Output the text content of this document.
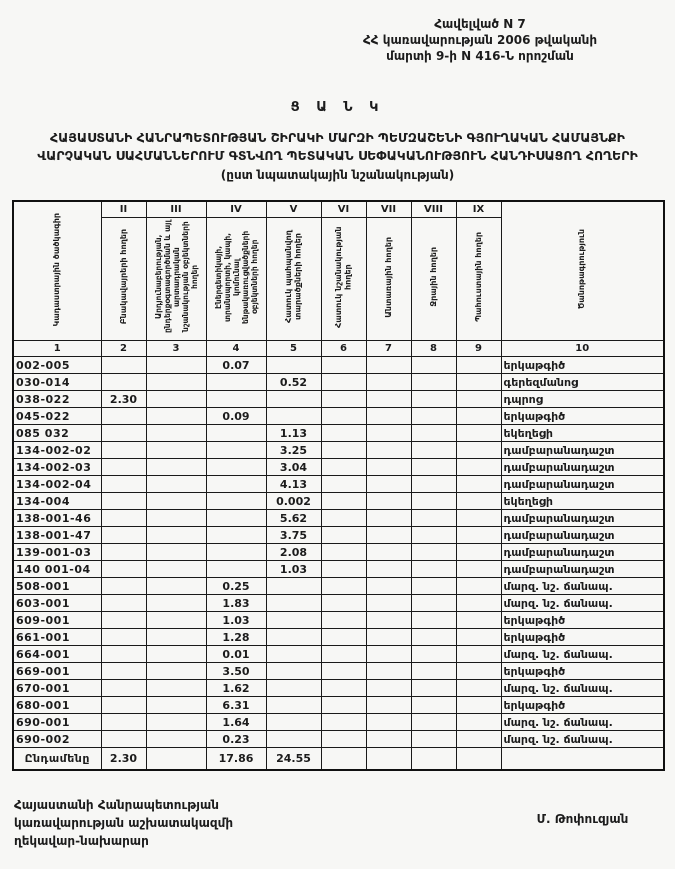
Հավելված N 7
ՀՀ կառավարության 2006 թվականի
մարտի 9-ի N 416-Ն որոշման
Ց Ա Ն Կ
ՀԱՅԱՍՏԱՆԻ ՀԱՆՐԱՊԵՏՈՒԹՅԱՆ ՇԻՐԱԿԻ ՄԱՐԶԻ ՊԵՄԶԱՇԵՆԻ ԳՅՈՒՂԱԿԱՆ ՀԱՄԱՅՆՔԻ
ՎԱՐՉԱԿԱՆ ՍԱՀՄԱՆՆԵՐՈՒՄ ԳՏՆՎՈՂ ՊԵՏԱԿԱՆ ՍԵՓԱԿԱՆՈՒԹՅՈՒՆ ՀԱՆԴԻՍԱՑՈՂ ՀՈՂԵՐԻ
(ըստ նպատակային նշանակության)
Կադաստրային ծածկագիր	II	III	IV	V	VI	VII	VIII	IX	Ծանոթագրություն
	Բնակավայրերի հողեր	Արդյունաբերության, ընդերքօգտագործման և այլ արտադրական նշանակության օբյեկտների հողեր	Էներգետիկայի, տրանսպորտի, կապի, կոմունալ ենթակառուցվածքների օբյեկտների հողեր	Հատուկ պահպանվող տարածքների հողեր	Հատուկ նշանակության հողեր	Անտառային հողեր	Ջրային հողեր	Պահուստային հողեր	
1	2	3	4	5	6	7	8	9	10
002-005			0.07						երկաթգիծ
030-014				0.52					գերեզմանոց
038-022	2.30								դպրոց
045-022			0.09						երկաթգիծ
085 032				1.13					եկեղեցի
134-002-02				3.25					դամբարանադաշտ
134-002-03				3.04					դամբարանադաշտ
134-002-04				4.13					դամբարանադաշտ
134-004				0.002					եկեղեցի
138-001-46				5.62					դամբարանադաշտ
138-001-47				3.75					դամբարանադաշտ
139-001-03				2.08					դամբարանադաշտ
140 001-04				1.03					դամբարանադաշտ
508-001			0.25						մարզ. նշ. ճանապ.
603-001			1.83						մարզ. նշ. ճանապ.
609-001			1.03						երկաթգիծ
661-001			1.28						երկաթգիծ
664-001			0.01						մարզ. նշ. ճանապ.
669-001			3.50						երկաթգիծ
670-001			1.62						մարզ. նշ. ճանապ.
680-001			6.31						երկաթգիծ
690-001			1.64						մարզ. նշ. ճանապ.
690-002			0.23						մարզ. նշ. ճանապ.
Ընդամենը	2.30		17.86	24.55					
Հայաստանի Հանրապետության
կառավարության աշխատակազմի
ղեկավար-նախարար
Մ. Թոփուզյան
